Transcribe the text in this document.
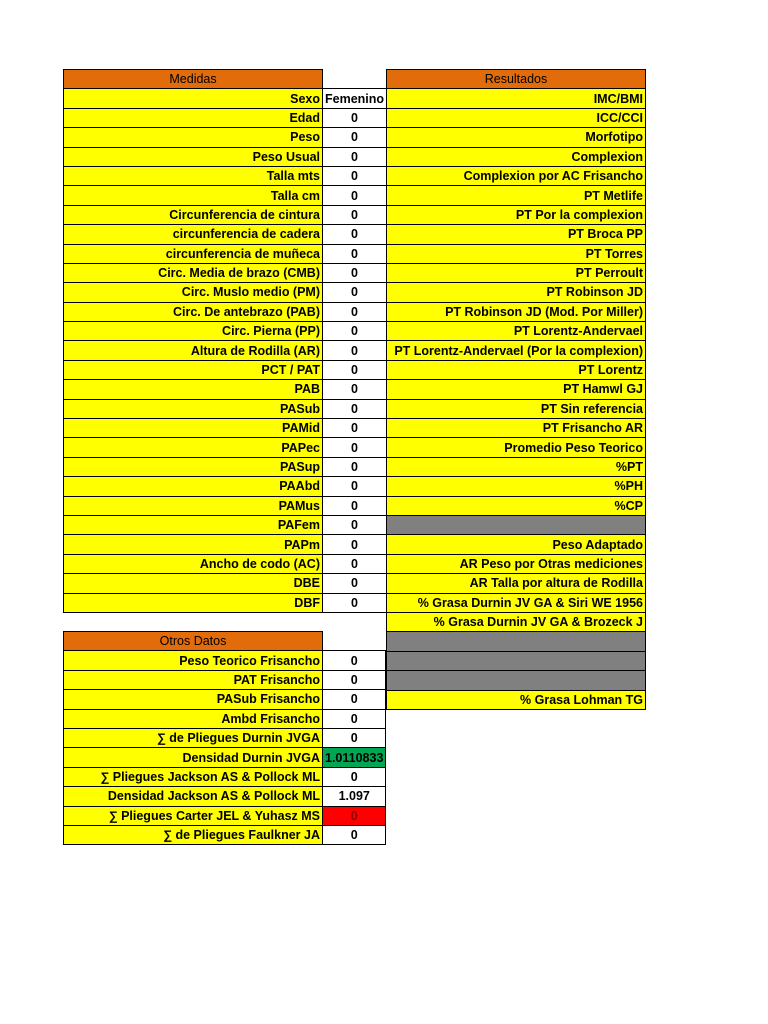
Medidas	
Sexo	Femenino
Edad	0
Peso	0
Peso Usual	0
Talla mts	0
Talla cm	0
Circunferencia de cintura	0
circunferencia de cadera	0
circunferencia de muñeca	0
Circ. Media de brazo (CMB)	0
Circ. Muslo medio (PM)	0
Circ. De antebrazo (PAB)	0
Circ. Pierna (PP)	0
Altura de Rodilla (AR)	0
PCT / PAT	0
PAB	0
PASub	0
PAMid	0
PAPec	0
PASup	0
PAAbd	0
PAMus	0
PAFem	0
PAPm	0
Ancho de codo (AC)	0
DBE	0
DBF	0
Resultados
IMC/BMI
ICC/CCI
Morfotipo
Complexion
Complexion por AC Frisancho
PT Metlife
PT Por la complexion
PT Broca PP
PT Torres
PT Perroult
PT Robinson JD
PT Robinson JD (Mod. Por Miller)
PT Lorentz-Andervael
PT Lorentz-Andervael (Por la complexion)
PT Lorentz
PT Hamwl GJ
PT Sin referencia
PT Frisancho AR
Promedio Peso Teorico
%PT
%PH
%CP

Peso Adaptado
AR Peso por Otras mediciones
AR Talla por altura de Rodilla
% Grasa Durnin JV GA & Siri WE 1956
% Grasa Durnin JV GA & Brozeck J

% Grasa Lohman TG
Otros Datos	
Peso Teorico Frisancho	0
PAT Frisancho	0
PASub Frisancho	0
Ambd Frisancho	0
∑ de Pliegues Durnin JVGA	0
Densidad Durnin JVGA	1.0110833
∑ Pliegues Jackson AS & Pollock ML	0
Densidad Jackson AS & Pollock ML	1.097
∑ Pliegues Carter JEL & Yuhasz MS	0
∑ de Pliegues Faulkner JA	0
